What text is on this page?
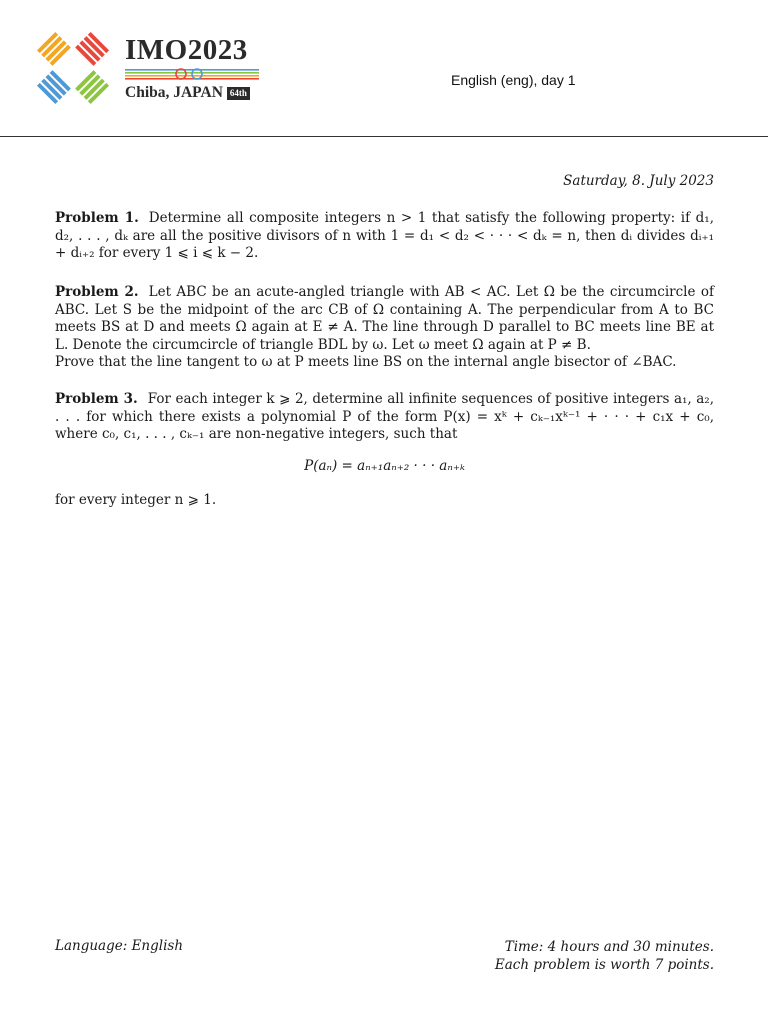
IMO2023
Chiba, JAPAN 64th
English (eng), day 1
Saturday, 8. July 2023

Problem 1. Determine all composite integers n > 1 that satisfy the following property: if d₁, d₂, . . . , dₖ are all the positive divisors of n with 1 = d₁ < d₂ < · · · < dₖ = n, then dᵢ divides dᵢ₊₁ + dᵢ₊₂ for every 1 ⩽ i ⩽ k − 2.

Problem 2. Let ABC be an acute-angled triangle with AB < AC. Let Ω be the circumcircle of ABC. Let S be the midpoint of the arc CB of Ω containing A. The perpendicular from A to BC meets BS at D and meets Ω again at E ≠ A. The line through D parallel to BC meets line BE at L. Denote the circumcircle of triangle BDL by ω. Let ω meet Ω again at P ≠ B.

Prove that the line tangent to ω at P meets line BS on the internal angle bisector of ∠BAC.

Problem 3. For each integer k ⩾ 2, determine all infinite sequences of positive integers a₁, a₂, . . . for which there exists a polynomial P of the form P(x) = xᵏ + cₖ₋₁xᵏ⁻¹ + · · · + c₁x + c₀, where c₀, c₁, . . . , cₖ₋₁ are non-negative integers, such that

P(aₙ) = aₙ₊₁aₙ₊₂ · · · aₙ₊ₖ
for every integer n ⩾ 1.
Language: English	Time: 4 hours and 30 minutes.
Each problem is worth 7 points.
